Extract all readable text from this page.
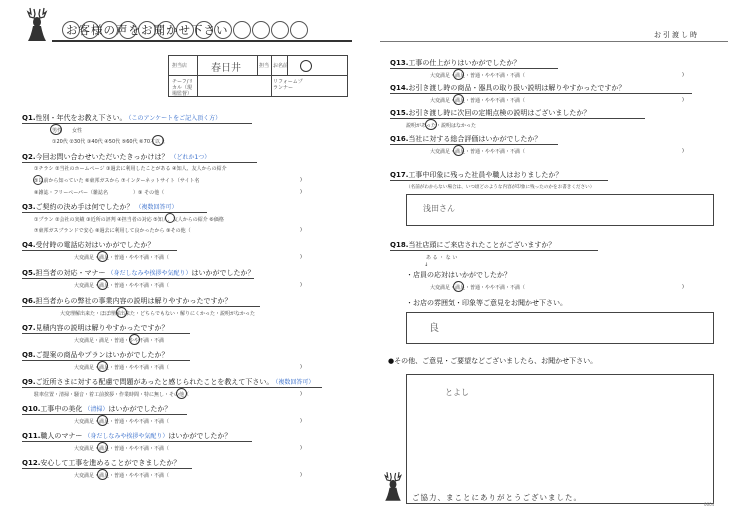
お客様の声をお聞かせ下さい
担当店 春日井	担当 お名前
チーフ/リカル（現場監督）
リフォームプランナー
Q1.性別・年代をお教え下さい。 （このアンケートをご記入頂く方）
男性　　女性
①20代 ②30代 ③40代 ④50代 ⑤60代 ⑥70才以上
Q2.今回お問い合わせいただいたきっかけは？ （どれか1つ）
①チラシ ②当社のホームページ ③過去に利用したことがある ④知人、友人からの紹介
⑤以前から知っていた ⑥東邦ガスから ⑦インターネットサイト（サイト名
⑧雑誌・フリーペーパー（雑誌名　　　　　）⑨ その他（
Q3.ご契約の決め手は何でしたか？ （複数回答可）
①プラン ②会社の実績 ③近所の評判 ④担当者の対応 ⑤知人、友人からの紹介 ⑥価格
⑦東邦ガスブランドで安心 ⑧過去に利用して良かったから ⑨その他（
Q4.受付時の電話応対はいかがでしたか？
大変満足・満足・普通・やや不満・不満（
Q5.担当者の対応・マナー （身だしなみや挨拶や気配り）はいかがでしたか？
大変満足・満足・普通・やや不満・不満（
Q6.担当者からの弊社の事業内容の説明は解りやすかったですか？
大変理解出来た・ほぼ理解出来た・どちらでもない・解りにくかった・説明がなかった
Q7.見積内容の説明は解りやすかったですか？
大変満足・満足・普通・やや不満・不満
Q8.ご提案の商品やプランはいかがでしたか？
大変満足・満足・普通・やや不満・不満（
Q9.ご近所さまに対する配慮で問題があったと感じられたことを教えて下さい。 （複数回答可）
駐車位置・清掃・騒音・着工前挨拶・作業時間・特に無し・その他（
Q10.工事中の美化 （清掃）はいかがでしたか？
大変満足・満足・普通・やや不満・不満（
Q11.職人のマナー （身だしなみや挨拶や気配り）はいかがでしたか？
大変満足・満足・普通・やや不満・不満（
Q12.安心して工事を進めることができましたか？
大変満足・満足・普通・やや不満・不満（
)
)
)
)
)
)
)
)
)
)
お引渡し時
Q13.工事の仕上がりはいかがでしたか？
大変満足・満足・普通・やや不満・不満（	)
Q14.お引き渡し時の商品・器具の取り扱い説明は解りやすかったですか？
大変満足・満足・普通・やや不満・不満（	)
Q15.お引き渡し時に次回の定期点検の説明はございましたか？
説明があった・説明はなかった
Q16.当社に対する総合評価はいかがでしたか？
大変満足・満足・普通・やや不満・不満（	)
Q17.工事中印象に残った社員や職人はおりましたか？
（名前がわからない場合は、いつ頃どのような内容が印象に残ったのかをお書きください）
浅田さん
Q18.当社店頭にご来店されたことがございますか？
あ る ・ な い
↓
・店員の応対はいかがでしたか？
大変満足・満足・普通・やや不満・不満（	)
・お店の雰囲気・印象等ご意見をお聞かせ下さい。
良
●その他、ご意見・ご要望などございましたら、お聞かせ下さい。
とよし
ご協力、まことにありがとうございました。
0604
